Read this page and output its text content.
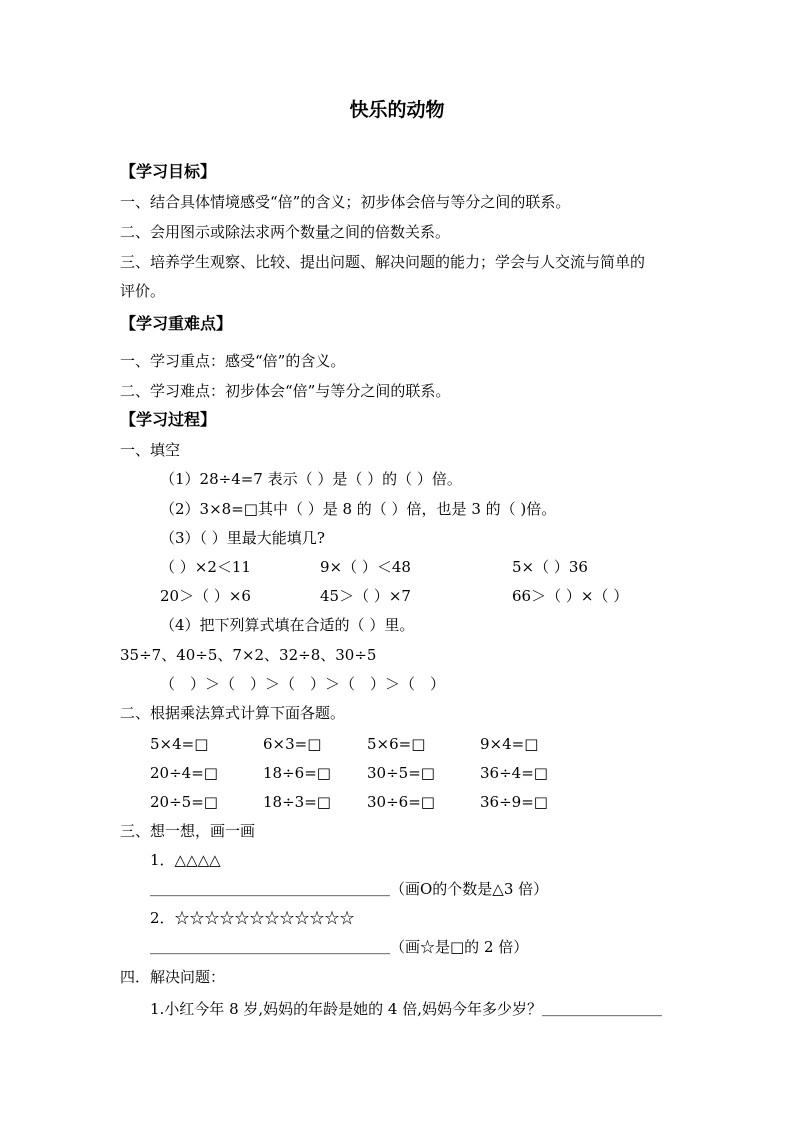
快乐的动物
【学习目标】
一、结合具体情境感受“倍”的含义；初步体会倍与等分之间的联系。
二、会用图示或除法求两个数量之间的倍数关系。
三、培养学生观察、比较、提出问题、解决问题的能力；学会与人交流与简单的
评价。
【学习重难点】
一、学习重点：感受“倍”的含义。
二、学习难点：初步体会“倍”与等分之间的联系。
【学习过程】
一、填空
（1）28÷4=7 表示（ ）是（ ）的（ ）倍。
（2）3×8=□其中（ ）是 8 的（ ）倍，也是 3 的（ )倍。
（3）（ ）里最大能填几?
（ ）×2＜11	9×（ ）＜48	5×（ ）36
20＞（ ）×6	45＞（ ）×7	66＞（ ）×（ ）
（4）把下列算式填在合适的（ ）里。
35÷7、40÷5、7×2、32÷8、30÷5
（　）＞（　）＞（　）＞（　）＞（　）
二、根据乘法算式计算下面各题。
5×4=□	6×3=□	5×6=□	9×4=□
20÷4=□	18÷6=□ 30÷5=□	36÷4=□
20÷5=□	18÷3=□ 30÷6=□	36÷9=□
三、想一想，画一画
1．△△△△
＿＿＿＿＿＿＿＿＿＿＿＿＿＿＿＿（画O的个数是△3 倍）
2．☆☆☆☆☆☆☆☆☆☆☆☆
＿＿＿＿＿＿＿＿＿＿＿＿＿＿＿＿（画☆是□的 2 倍）
四．解决问题：
1.小红今年 8 岁,妈妈的年龄是她的 4 倍,妈妈今年多少岁？＿＿＿＿＿＿＿＿
